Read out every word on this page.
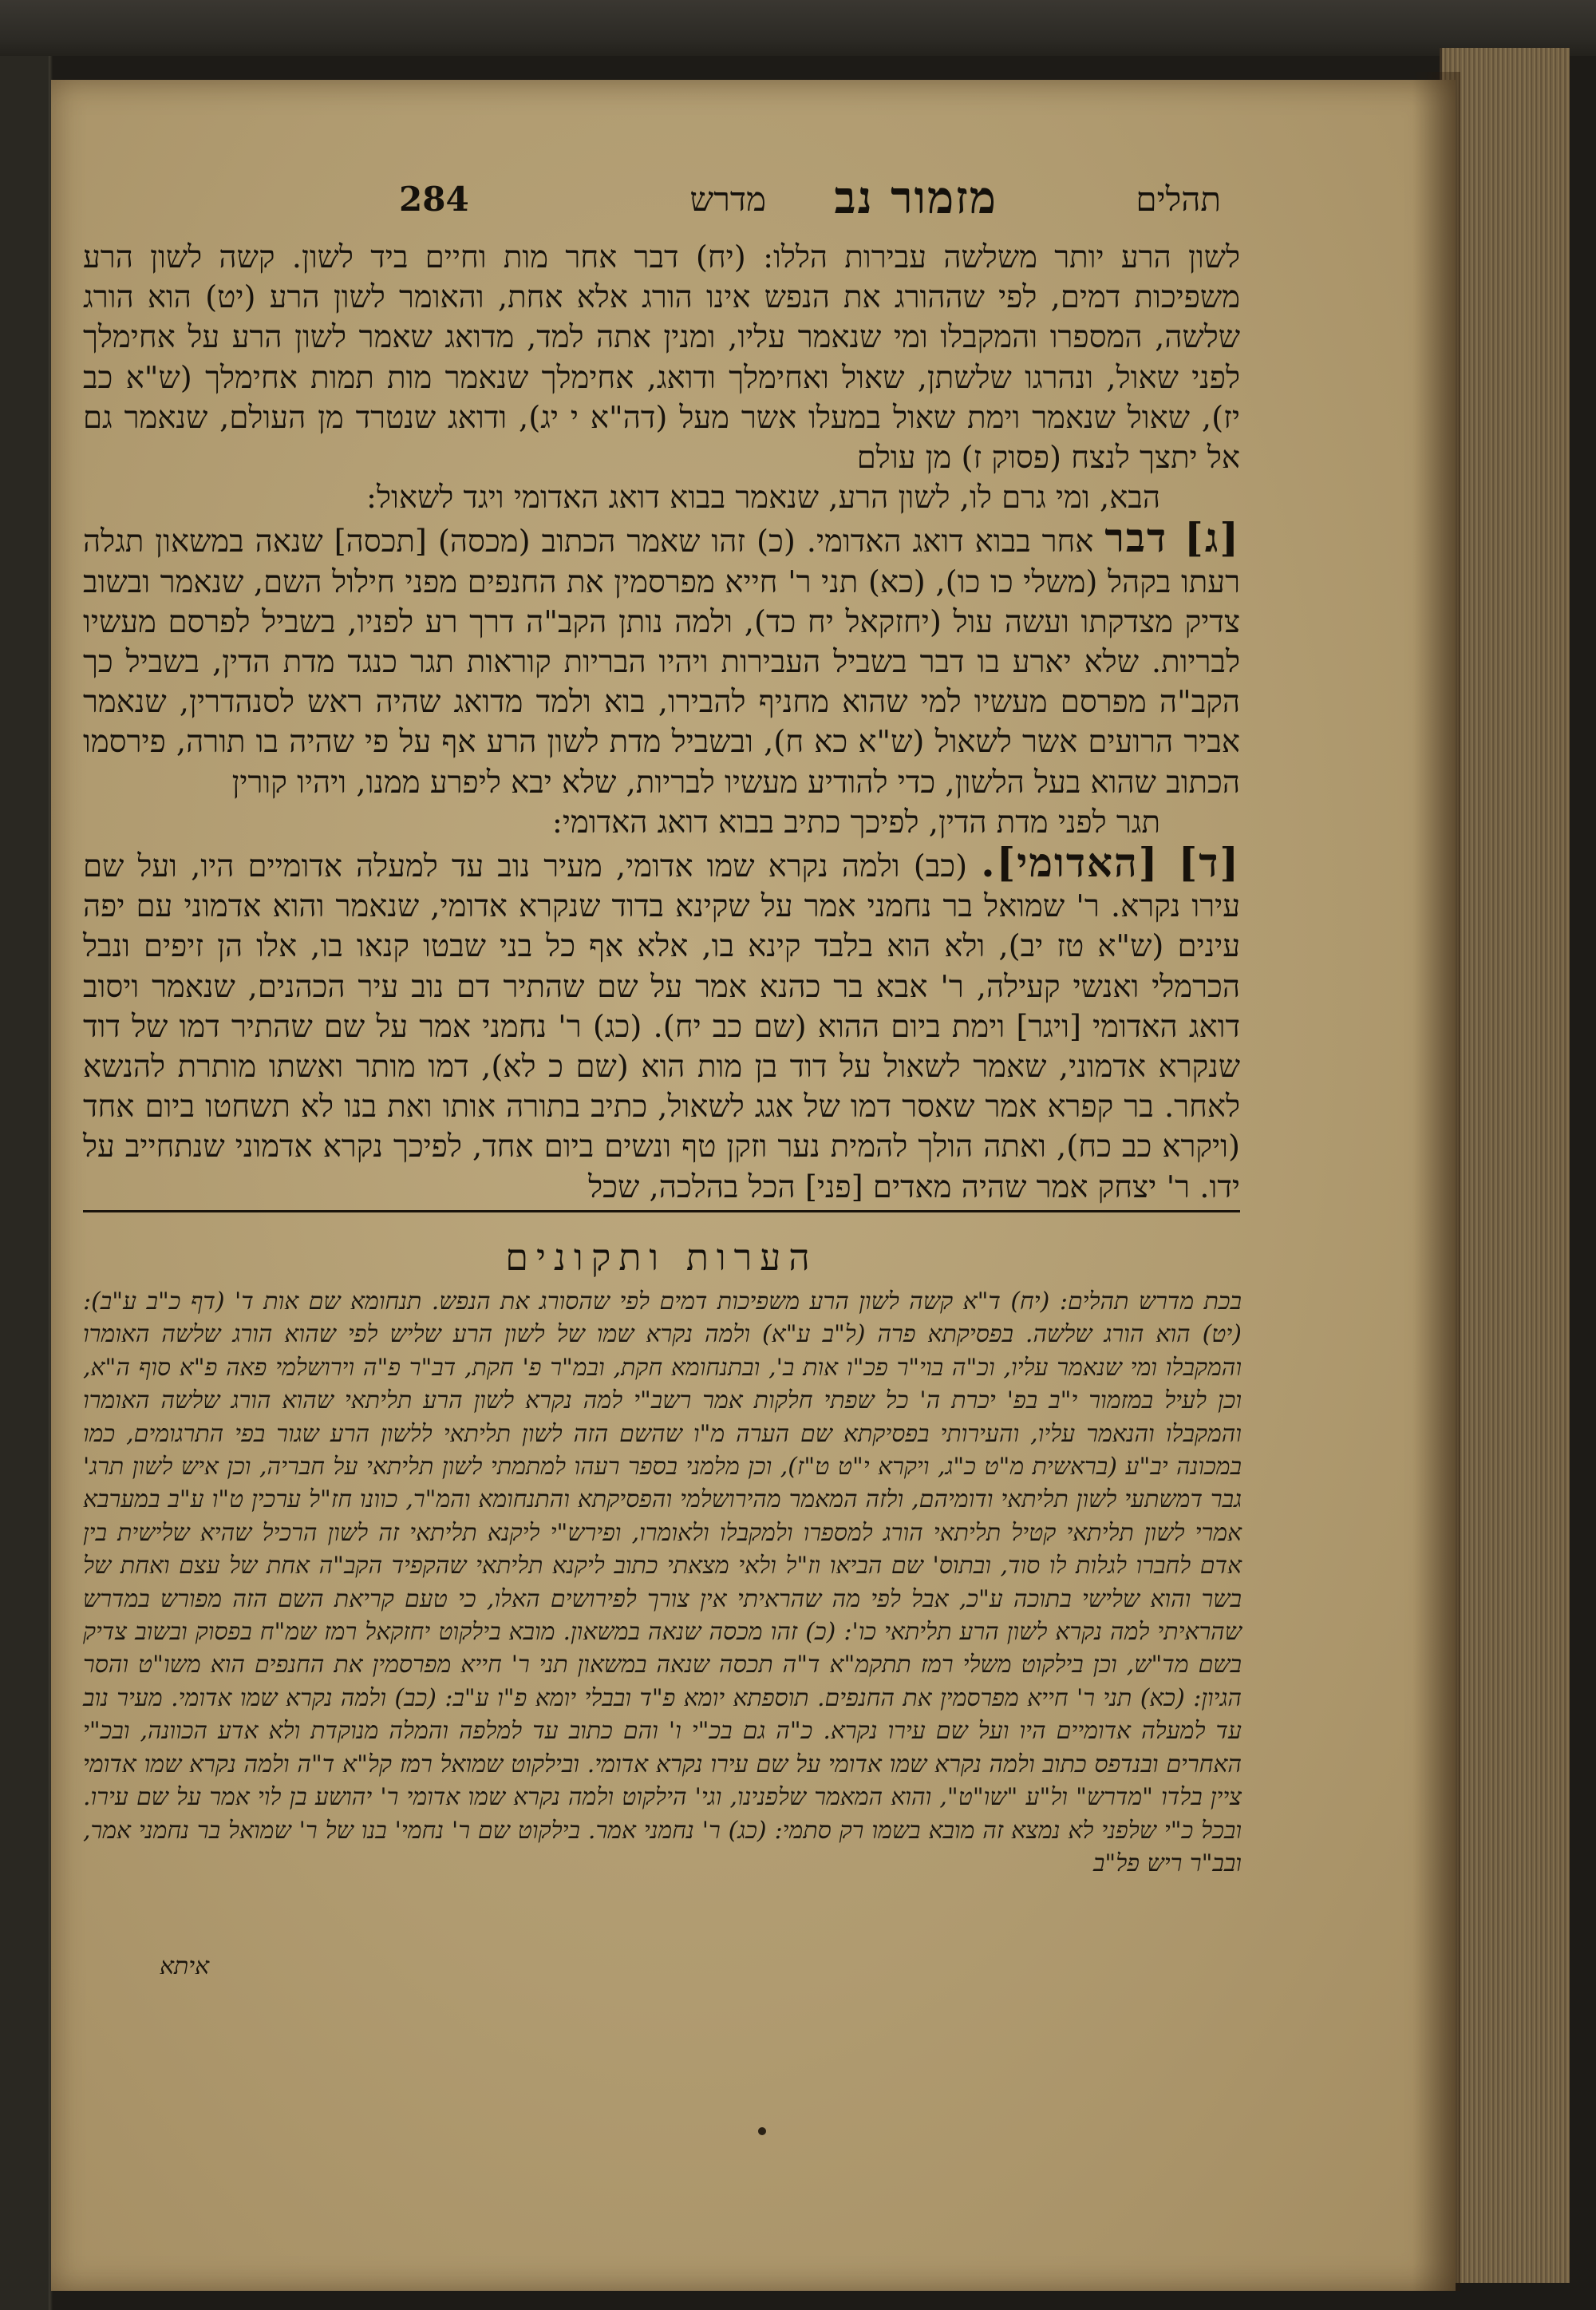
284	תהלים
מזמור נב
מדרש

לשון הרע יותר משלשה עבירות הללו: (יח) דבר אחר מות וחיים ביד לשון. קשה לשון הרע משפיכות דמים, לפי שההורג את הנפש אינו הורג אלא אחת, והאומר לשון הרע (יט) הוא הורג שלשה, המספרו והמקבלו ומי שנאמר עליו, ומנין אתה למד, מדואג שאמר לשון הרע על אחימלך לפני שאול, ונהרגו שלשתן, שאול ואחימלך ודואג, אחימלך שנאמר מות תמות אחימלך (ש"א כב יז), שאול שנאמר וימת שאול במעלו אשר מעל (דה"א י יג), ודואג שנטרד מן העולם, שנאמר גם אל יתצך לנצח (פסוק ז) מן עולם

הבא, ומי גרם לו, לשון הרע, שנאמר בבוא דואג האדומי ויגד לשאול:

[ג] דבר אחר בבוא דואג האדומי. (כ) זהו שאמר הכתוב (מכסה) [תכסה] שנאה במשאון תגלה רעתו בקהל (משלי כו כו), (כא) תני ר' חייא מפרסמין את החנפים מפני חילול השם, שנאמר ובשוב צדיק מצדקתו ועשה עול (יחזקאל יח כד), ולמה נותן הקב"ה דרך רע לפניו, בשביל לפרסם מעשיו לבריות. שלא יארע בו דבר בשביל העבירות ויהיו הבריות קוראות תגר כנגד מדת הדין, בשביל כך הקב"ה מפרסם מעשיו למי שהוא מחניף להבירו, בוא ולמד מדואג שהיה ראש לסנהדרין, שנאמר אביר הרועים אשר לשאול (ש"א כא ח), ובשביל מדת לשון הרע אף על פי שהיה בו תורה, פירסמו הכתוב שהוא בעל הלשון, כדי להודיע מעשיו לבריות, שלא יבא ליפרע ממנו, ויהיו קורין

תגר לפני מדת הדין, לפיכך כתיב בבוא דואג האדומי:

[ד] [האדומי]. (כב) ולמה נקרא שמו אדומי, מעיר נוב עד למעלה אדומיים היו, ועל שם עירו נקרא. ר' שמואל בר נחמני אמר על שקינא בדוד שנקרא אדומי, שנאמר והוא אדמוני עם יפה עינים (ש"א טז יב), ולא הוא בלבד קינא בו, אלא אף כל בני שבטו קנאו בו, אלו הן זיפים ונבל הכרמלי ואנשי קעילה, ר' אבא בר כהנא אמר על שם שהתיר דם נוב עיר הכהנים, שנאמר ויסוב דואג האדומי [ויגר] וימת ביום ההוא (שם כב יח). (כג) ר' נחמני אמר על שם שהתיר דמו של דוד שנקרא אדמוני, שאמר לשאול על דוד בן מות הוא (שם כ לא), דמו מותר ואשתו מותרת להנשא לאחר. בר קפרא אמר שאסר דמו של אגג לשאול, כתיב בתורה אותו ואת בנו לא תשחטו ביום אחד (ויקרא כב כח), ואתה הולך להמית נער וזקן טף ונשים ביום אחד, לפיכך נקרא אדמוני שנתחייב על ידו. ר' יצחק אמר שהיה מאדים [פני] הכל בהלכה, שכל

הערות ותקונים

בכת מדרש תהלים: (יח) ד"א קשה לשון הרע משפיכות דמים לפי שהסורג את הנפש. תנחומא שם אות ד' (דף כ"ב ע"ב): (יט) הוא הורג שלשה. בפסיקתא פרה (ל"ב ע"א) ולמה נקרא שמו של לשון הרע שליש לפי שהוא הורג שלשה האומרו והמקבלו ומי שנאמר עליו, וכ"ה בוי"ר פכ"ו אות ב', ובתנחומא חקת, ובמ"ר פ' חקת, דב"ר פ"ה וירושלמי פאה פ"א סוף ה"א, וכן לעיל במזמור י"ב בפ' יכרת ה' כל שפתי חלקות אמר רשב"י למה נקרא לשון הרע תליתאי שהוא הורג שלשה האומרו והמקבלו והנאמר עליו, והעירותי בפסיקתא שם הערה מ"ו שהשם הזה לשון תליתאי ללשון הרע שגור בפי התרגומים, כמו במכונה יב"ע (בראשית מ"ט כ"ג, ויקרא י"ט ט"ז), וכן מלמני בספר רעהו למתמתי לשון תליתאי על חבריה, וכן איש לשון תרג' גבר דמשתעי לשון תליתאי ודומיהם, ולזה המאמר מהירושלמי והפסיקתא והתנחומא והמ"ר, כוונו חז"ל ערכין ט"ו ע"ב במערבא אמרי לשון תליתאי קטיל תליתאי הורג למספרו ולמקבלו ולאומרו, ופירש"י ליקנא תליתאי זה לשון הרכיל שהיא שלישית בין אדם לחברו לגלות לו סוד, ובתוס' שם הביאו וז"ל ולאי מצאתי כתוב ליקנא תליתאי שהקפיד הקב"ה אחת של עצם ואחת של בשר והוא שלישי בתוכה ע"כ, אבל לפי מה שהראיתי אין צורך לפירושים האלו, כי טעם קריאת השם הזה מפורש במדרש שהראיתי למה נקרא לשון הרע תליתאי כו': (כ) זהו מכסה שנאה במשאון. מובא בילקוט יחזקאל רמז שמ"ח בפסוק ובשוב צדיק בשם מד"ש, וכן בילקוט משלי רמז תתקמ"א ד"ה תכסה שנאה במשאון תני ר' חייא מפרסמין את החנפים הוא משו"ט והסר הגיון: (כא) תני ר' חייא מפרסמין את החנפים. תוספתא יומא פ"ד ובבלי יומא פ"ו ע"ב: (כב) ולמה נקרא שמו אדומי. מעיר נוב עד למעלה אדומיים היו ועל שם עירו נקרא. כ"ה גם בכ"י ו' והם כתוב עד למלפה והמלה מנוקדת ולא אדע הכוונה, ובכ"י האחרים ובנדפס כתוב ולמה נקרא שמו אדומי על שם עירו נקרא אדומי. ובילקוט שמואל רמז קל"א ד"ה ולמה נקרא שמו אדומי ציין בלדו "מדרש" ול"ע "שו"ט", והוא המאמר שלפנינו, וגי' הילקוט ולמה נקרא שמו אדומי ר' יהושע בן לוי אמר על שם עירו. ובכל כ"י שלפני לא נמצא זה מובא בשמו רק סתמי: (כג) ר' נחמני אמר. בילקוט שם ר' נחמי' בנו של ר' שמואל בר נחמני אמר, ובב"ר ריש פל"ב

איתא
